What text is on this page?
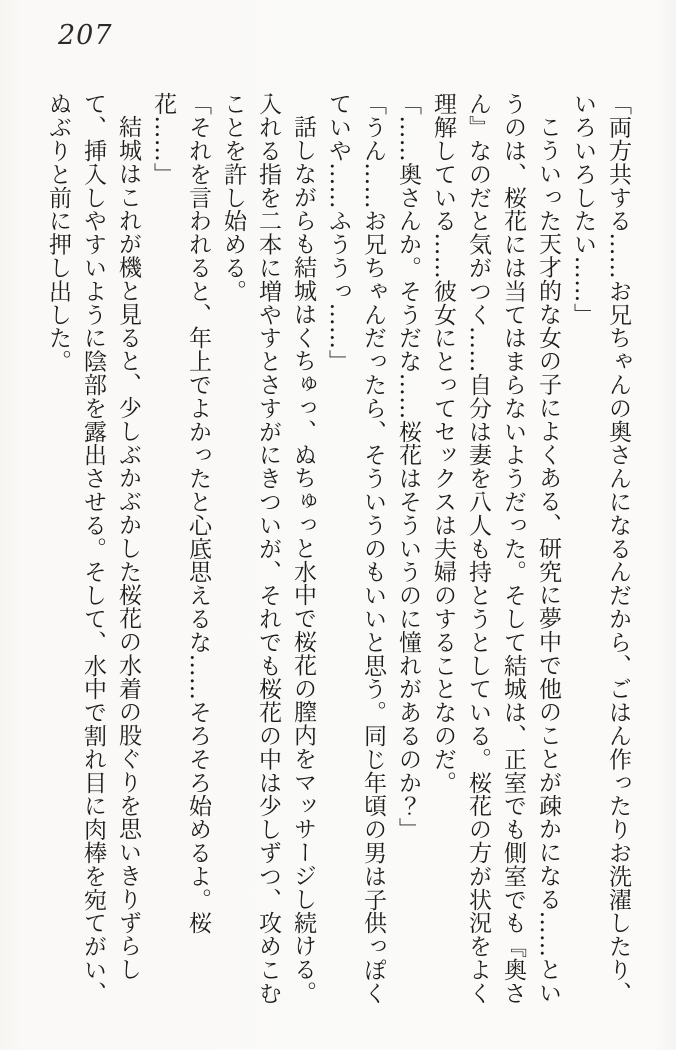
207

「両方共する……お兄ちゃんの奥さんになるんだから、ごはん作ったりお洗濯したり、いろいろしたい……」

こういった天才的な女の子によくある、研究に夢中で他のことが疎かになる……というのは、桜花には当てはまらないようだった。そして結城は、正室でも側室でも『奥さん』なのだと気がつく……自分は妻を八人も持とうとしている。桜花の方が状況をよく理解している……彼女にとってセックスは夫婦のすることなのだ。

「……奥さんか。そうだな……桜花はそういうのに憧れがあるのか？」

「うん……お兄ちゃんだったら、そういうのもいいと思う。同じ年頃の男は子供っぽくていや……ふううっ……」

話しながらも結城はくちゅっ、ぬちゅっと水中で桜花の膣内をマッサージし続ける。入れる指を二本に増やすとさすがにきついが、それでも桜花の中は少しずつ、攻めこむことを許し始める。

「それを言われると、年上でよかったと心底思えるな……そろそろ始めるよ。桜花……」

結城はこれが機と見ると、少しぶかぶかした桜花の水着の股ぐりを思いきりずらして、挿入しやすいように陰部を露出させる。そして、水中で割れ目に肉棒を宛てがい、ぬぶりと前に押し出した。
